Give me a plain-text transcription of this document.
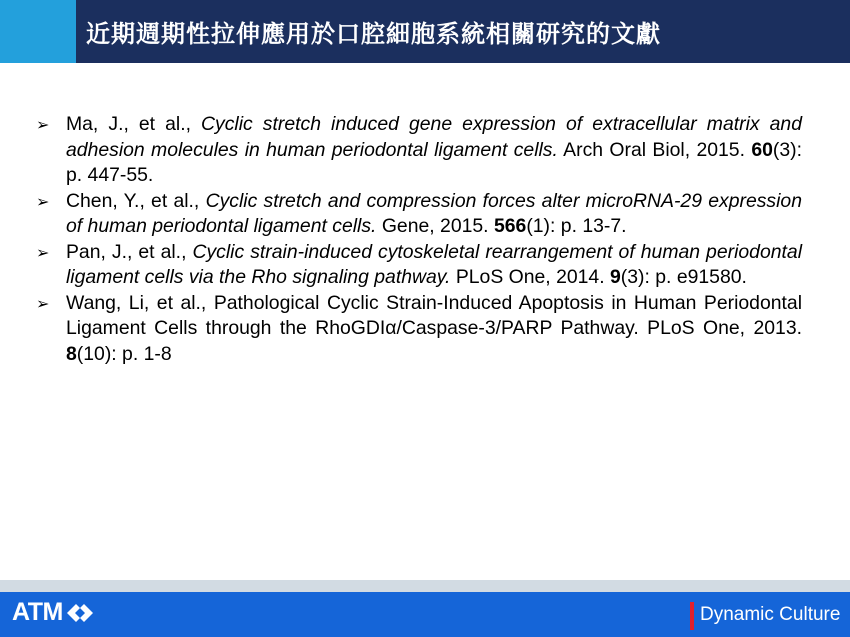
近期週期性拉伸應用於口腔細胞系統相關研究的文獻
➢ Ma, J., et al., Cyclic stretch induced gene expression of extracellular matrix and adhesion molecules in human periodontal ligament cells. Arch Oral Biol, 2015. 60(3): p. 447-55.
➢ Chen, Y., et al., Cyclic stretch and compression forces alter microRNA-29 expression of human periodontal ligament cells. Gene, 2015. 566(1): p. 13-7.
➢ Pan, J., et al., Cyclic strain-induced cytoskeletal rearrangement of human periodontal ligament cells via the Rho signaling pathway. PLoS One, 2014. 9(3): p. e91580.
➢ Wang, Li, et al., Pathological Cyclic Strain-Induced Apoptosis in Human Periodontal Ligament Cells through the RhoGDIα/Caspase-3/PARP Pathway. PLoS One, 2013. 8(10): p. 1-8
ATM	Dynamic Culture
